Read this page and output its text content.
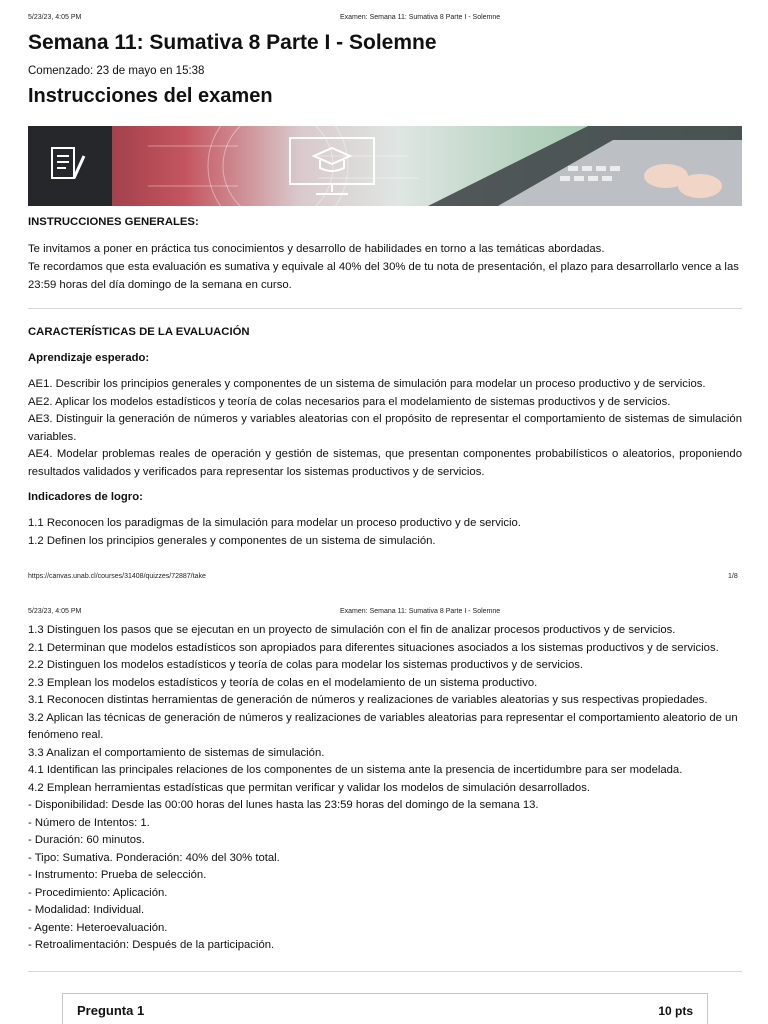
5/23/23, 4:05 PM	Examen: Semana 11: Sumativa 8 Parte I - Solemne
Semana 11: Sumativa 8 Parte I - Solemne
Comenzado: 23 de mayo en 15:38
Instrucciones del examen
INSTRUCCIONES GENERALES:
Te invitamos a poner en práctica tus conocimientos y desarrollo de habilidades en torno a las temáticas abordadas.
Te recordamos que esta evaluación es sumativa y equivale al 40% del 30% de tu nota de presentación, el plazo para desarrollarlo vence a las 23:59 horas del día domingo de la semana en curso.
CARACTERÍSTICAS DE LA EVALUACIÓN
Aprendizaje esperado:
AE1. Describir los principios generales y componentes de un sistema de simulación para modelar un proceso productivo y de servicios.
AE2. Aplicar los modelos estadísticos y teoría de colas necesarios para el modelamiento de sistemas productivos y de servicios.
AE3. Distinguir la generación de números y variables aleatorias con el propósito de representar el comportamiento de sistemas de simulación variables.
AE4. Modelar problemas reales de operación y gestión de sistemas, que presentan componentes probabilísticos o aleatorios, proponiendo resultados validados y verificados para representar los sistemas productivos y de servicios.
Indicadores de logro:
1.1 Reconocen los paradigmas de la simulación para modelar un proceso productivo y de servicio.
1.2 Definen los principios generales y componentes de un sistema de simulación.
https://canvas.unab.cl/courses/31408/quizzes/72887/take	1/8
5/23/23, 4:05 PM	Examen: Semana 11: Sumativa 8 Parte I - Solemne
1.3 Distinguen los pasos que se ejecutan en un proyecto de simulación con el fin de analizar procesos productivos y de servicios.
2.1 Determinan que modelos estadísticos son apropiados para diferentes situaciones asociados a los sistemas productivos y de servicios.
2.2 Distinguen los modelos estadísticos y teoría de colas para modelar los sistemas productivos y de servicios.
2.3 Emplean los modelos estadísticos y teoría de colas en el modelamiento de un sistema productivo.
3.1 Reconocen distintas herramientas de generación de números y realizaciones de variables aleatorias y sus respectivas propiedades.
3.2 Aplican las técnicas de generación de números y realizaciones de variables aleatorias para representar el comportamiento aleatorio de un fenómeno real.
3.3 Analizan el comportamiento de sistemas de simulación.
4.1 Identifican las principales relaciones de los componentes de un sistema ante la presencia de incertidumbre para ser modelada.
4.2 Emplean herramientas estadísticas que permitan verificar y validar los modelos de simulación desarrollados.
- Disponibilidad: Desde las 00:00 horas del lunes hasta las 23:59 horas del domingo de la semana 13.
- Número de Intentos: 1.
- Duración: 60 minutos.
- Tipo: Sumativa. Ponderación: 40% del 30% total.
- Instrumento: Prueba de selección.
- Procedimiento: Aplicación.
- Modalidad: Individual.
- Agente: Heteroevaluación.
- Retroalimentación: Después de la participación.
Pregunta 1	10 pts
